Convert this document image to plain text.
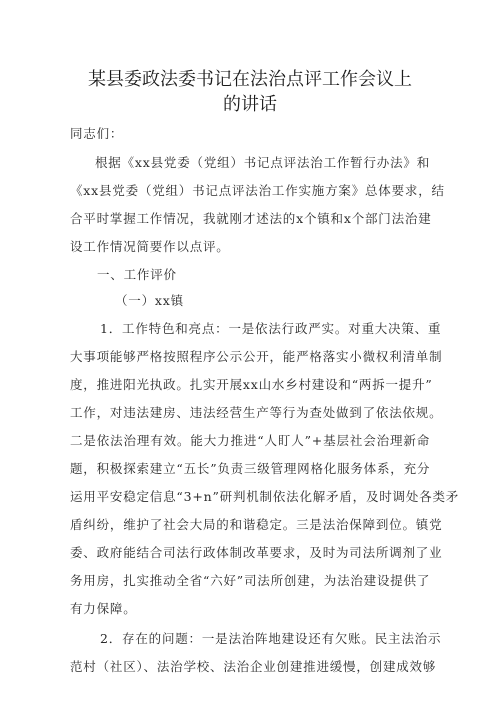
某县委政法委书记在法治点评工作会议上
的讲话
同志们：
根据《xx县党委（党组）书记点评法治工作暂行办法》和
《xx县党委（党组）书记点评法治工作实施方案》总体要求，结
合平时掌握工作情况，我就刚才述法的x个镇和x个部门法治建
设工作情况简要作以点评。
一、工作评价
（一）xx镇
1．工作特色和亮点：一是依法行政严实。对重大决策、重
大事项能够严格按照程序公示公开，能严格落实小微权利清单制
度，推进阳光执政。扎实开展xx山水乡村建设和“两拆一提升”
工作，对违法建房、违法经营生产等行为查处做到了依法依规。
二是依法治理有效。能大力推进“人盯人”+基层社会治理新命
题，积极探索建立“五长”负责三级管理网格化服务体系，充分
运用平安稳定信息“3+n”研判机制依法化解矛盾，及时调处各类矛
盾纠纷，维护了社会大局的和谐稳定。三是法治保障到位。镇党
委、政府能结合司法行政体制改革要求，及时为司法所调剂了业
务用房，扎实推动全省“六好”司法所创建，为法治建设提供了
有力保障。
2．存在的问题：一是法治阵地建设还有欠账。民主法治示
范村（社区）、法治学校、法治企业创建推进缓慢，创建成效够
